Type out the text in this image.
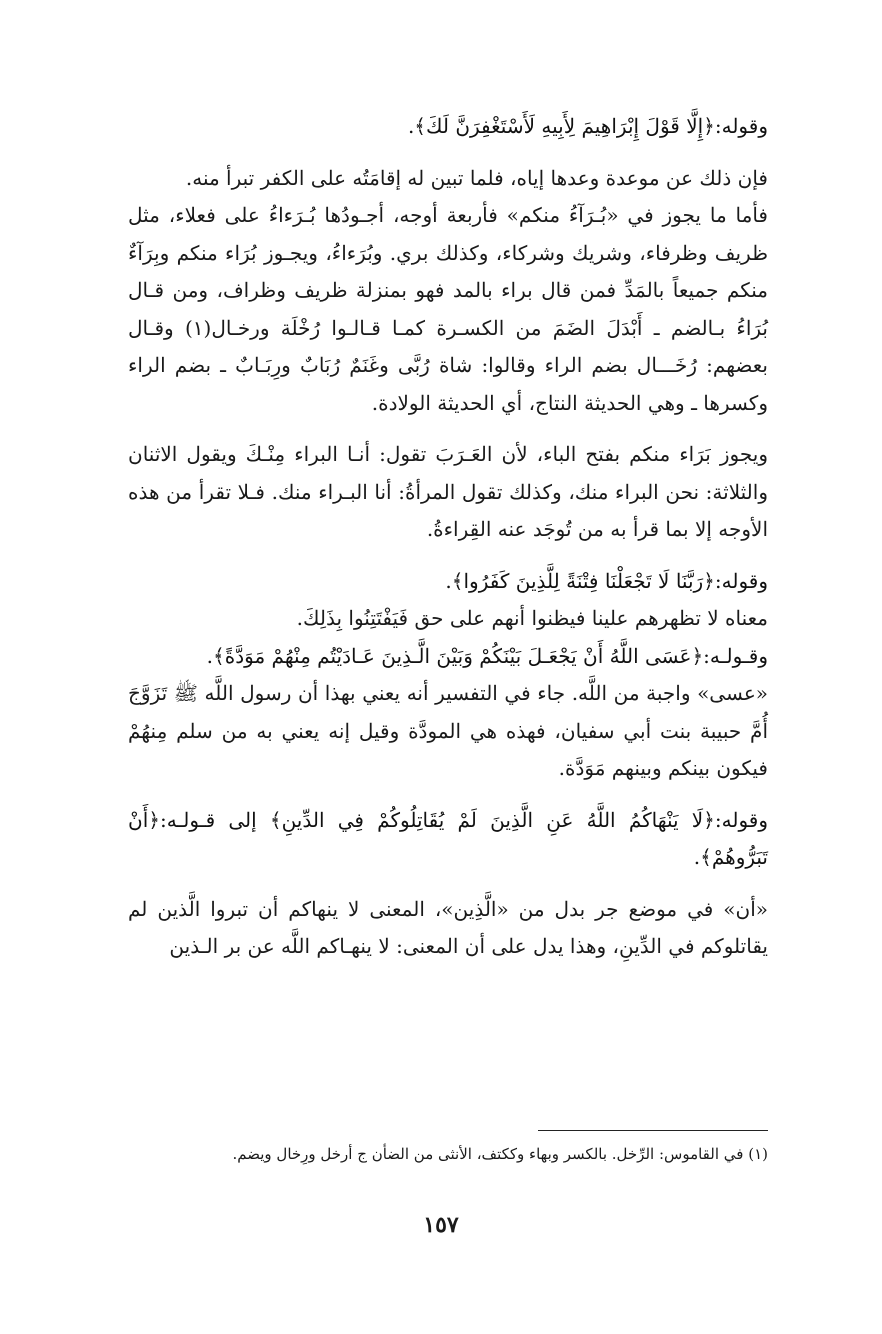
وقوله:﴿إِلَّا قَوْلَ إِبْرَاهِيمَ لِأَبِيهِ لَأَسْتَغْفِرَنَّ لَكَ﴾.

فإن ذلك عن موعدة وعدها إياه، فلما تبين له إقامَتُه على الكفر تبرأ منه.

فأما ما يجوز في «بُـرَآءُ منكم» فأربعة أوجه، أجـودُها بُـرَءاءُ على فعلاء، مثل ظريف وظرفاء، وشريك وشركاء، وكذلك بري. وبُرَءاءُ، ويجـوز بُرَاء منكم وبِرَآءٌ منكم جميعاً بالمَدِّ فمن قال براء بالمد فهو بمنزلة ظريف وظراف، ومن قـال بُرَاءُ بـالضم ـ أَبْدَلَ الضَمَ من الكسـرة كمـا قـالـوا رُخْلَة ورخـال(١) وقـال بعضهم: رُخَـــال بضم الراء وقالوا: شاة رُبَّى وغَنَمٌ رُبَابٌ ورِبَـابٌ ـ بضم الراء وكسرها ـ وهي الحديثة النتاج، أي الحديثة الولادة.

ويجوز بَرَاء منكم بفتح الباء، لأن العَـرَبَ تقول: أنـا البراء مِنْـكَ ويقول الاثنان والثلاثة: نحن البراء منك، وكذلك تقول المرأةُ: أنا البـراء منك. فـلا تقرأ من هذه الأوجه إلا بما قرأ به من تُوجَد عنه القِراءةُ.

وقوله:﴿رَبَّنَا لَا تَجْعَلْنَا فِتْنَةً لِلَّذِينَ كَفَرُوا﴾.

معناه لا تظهرهم علينا فيظنوا أنهم على حق فَيَفْتَتِنُوا بِذَلِكَ.

وقـولـه:﴿عَسَى اللَّهُ أَنْ يَجْعَـلَ بَيْنَكُمْ وَبَيْنَ الَّـذِينَ عَـادَيْتُم مِنْهُمْ مَوَدَّةً﴾.

«عسى» واجبة من اللَّه. جاء في التفسير أنه يعني بهذا أن رسول اللَّه ﷺ تَزَوَّجَ أُمَّ حبيبة بنت أبي سفيان، فهذه هي المودَّة وقيل إنه يعني به من سلم مِنهُمْ فيكون بينكم وبينهم مَوَدَّة.

وقوله:﴿لَا يَنْهَاكُمُ اللَّهُ عَنِ الَّذِينَ لَمْ يُقَاتِلُوكُمْ فِي الدِّينِ﴾ إلى قـولـه:﴿أَنْ تَبَرُّوهُمْ﴾.

«أن» في موضع جر بدل من «الَّذِين»، المعنى لا ينهاكم أن تبروا الَّذين لم يقاتلوكم في الدِّينِ، وهذا يدل على أن المعنى: لا ينهـاكم اللَّه عن بر الـذين

(١) في القاموس: الرِّخل. بالكسر وبهاء وككتف، الأنثى من الضأن ج أرخل ورِخال ويضم.
١٥٧
